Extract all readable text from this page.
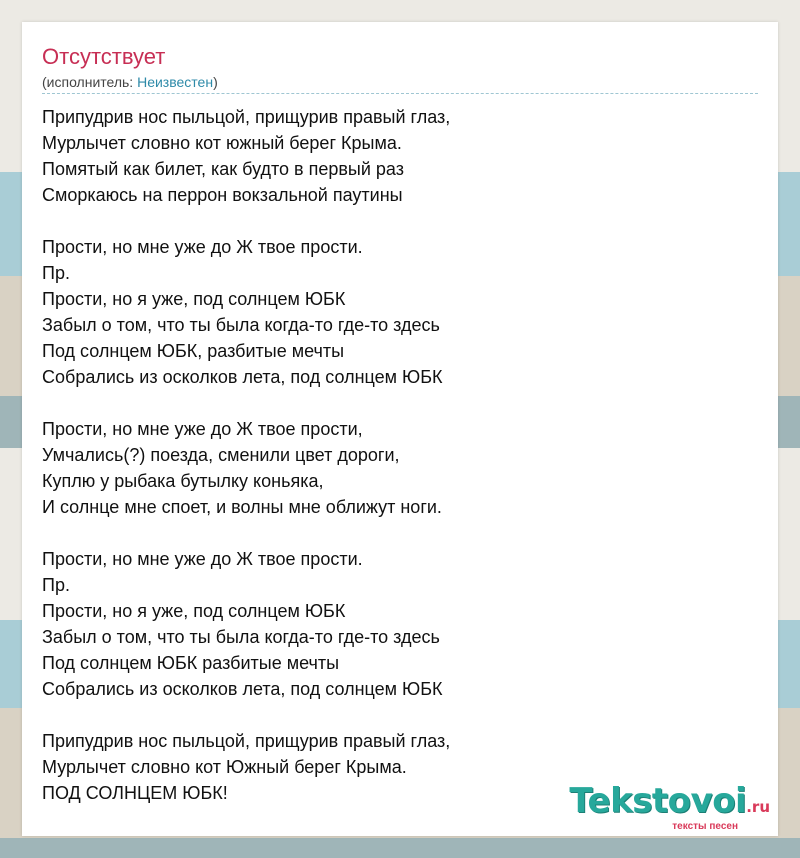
Отсутствует
(исполнитель: Неизвестен)
Припудрив нос пыльцой, прищурив правый глаз,
Мурлычет словно кот южный берег Крыма.
Помятый как билет, как будто в первый раз
Сморкаюсь на перрон вокзальной паутины

Прости, но мне уже до Ж твое прости.
Пр.
Прости, но я уже, под солнцем ЮБК
Забыл о том, что ты была когда-то где-то здесь
Под солнцем ЮБК, разбитые мечты
Собрались из осколков лета, под солнцем ЮБК

Прости, но мне уже до Ж твое прости,
Умчались(?) поезда, сменили цвет дороги,
Куплю у рыбака бутылку коньяка,
И солнце мне споет, и волны мне оближут ноги.

Прости, но мне уже до Ж твое прости.
Пр.
Прости, но я уже, под солнцем ЮБК
Забыл о том, что ты была когда-то где-то здесь
Под солнцем ЮБК разбитые мечты
Собрались из осколков лета, под солнцем ЮБК

Припудрив нос пыльцой, прищурив правый глаз,
Мурлычет словно кот Южный берег Крыма.
ПОД СОЛНЦЕМ ЮБК!	Tekstovoi.ru
тексты песен
